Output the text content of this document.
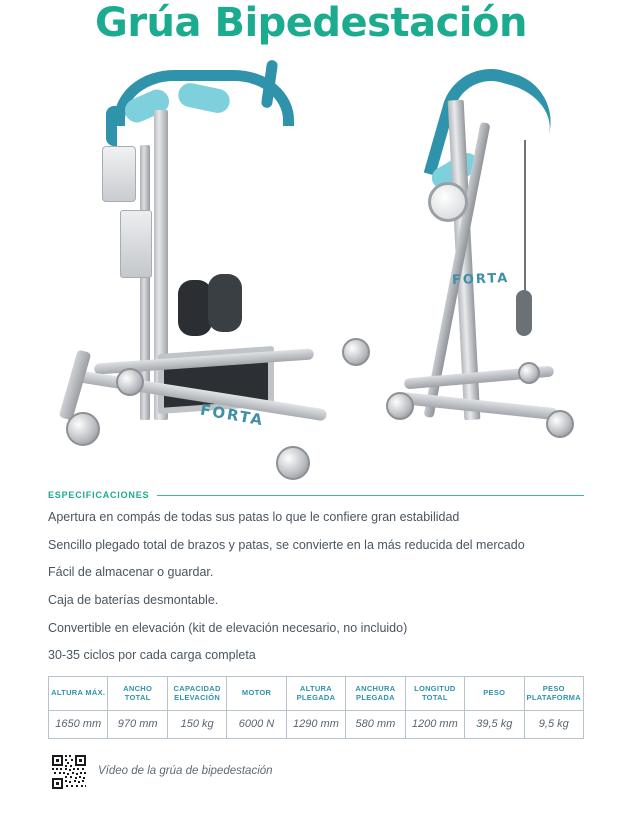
Grúa Bipedestación
FORTA
FORTA
ESPECIFICACIONES

Apertura en compás de todas sus patas lo que le confiere gran estabilidad

Sencillo plegado total de brazos y patas, se convierte en la más reducida del mercado

Fácil de almacenar o guardar.

Caja de baterías desmontable.

Convertible en elevación (kit de elevación necesario, no incluido)

30-35 ciclos por cada carga completa

ALTURA MÁX.	ANCHO TOTAL	CAPACIDAD ELEVACIÓN	MOTOR	ALTURA PLEGADA	ANCHURA PLEGADA	LONGITUD TOTAL	PESO	PESO PLATAFORMA
1650 mm	970 mm	150 kg	6000 N	1290 mm	580 mm	1200 mm	39,5 kg	9,5 kg
Vídeo de la grúa de bipedestación
